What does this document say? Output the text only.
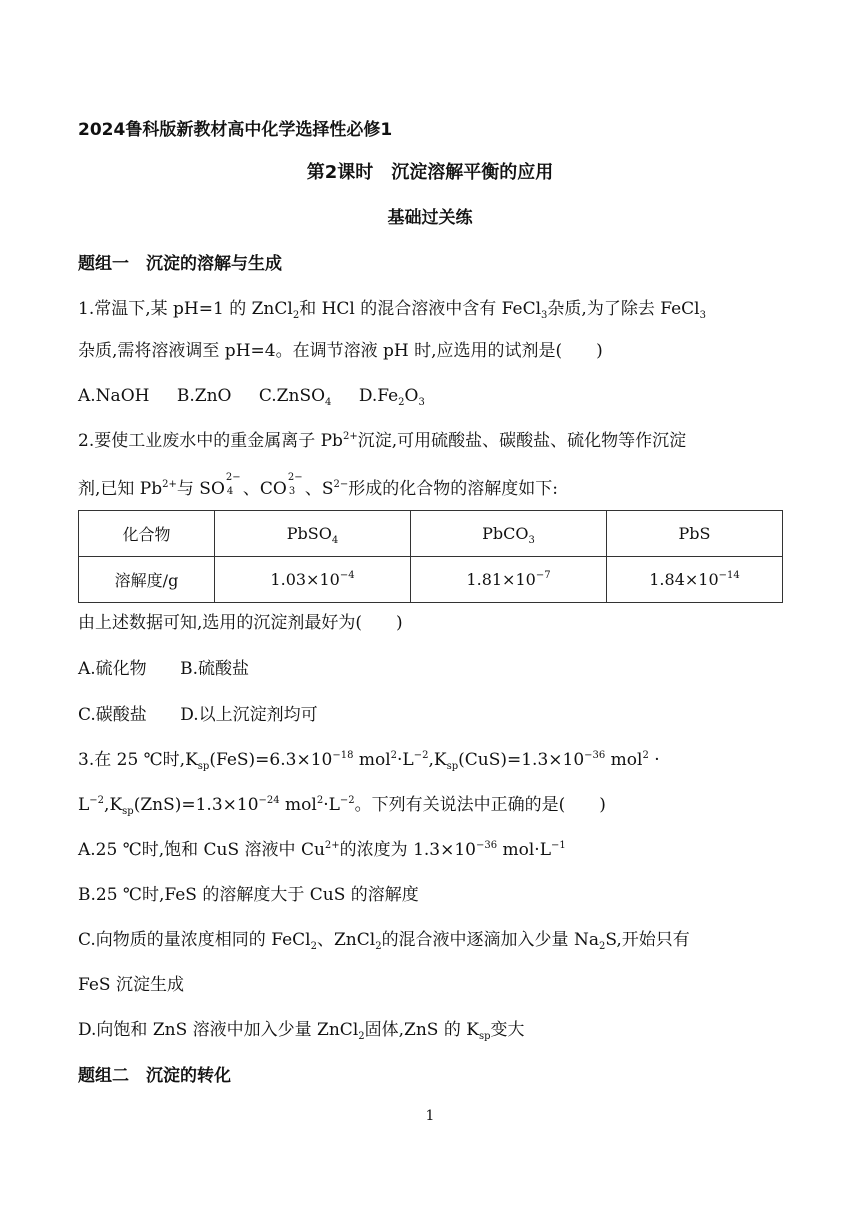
2024鲁科版新教材高中化学选择性必修1
第2课时　沉淀溶解平衡的应用
基础过关练
题组一　沉淀的溶解与生成
1.常温下,某 pH=1 的 ZnCl$_2$和 HCl 的混合溶液中含有 FeCl$_3$杂质,为了除去 FeCl$_3$
杂质,需将溶液调至 pH=4。在调节溶液 pH 时,应选用的试剂是(　　)
A.NaOH B.ZnO C.ZnSO$_4$ $D.Fe_2O_3$
2.要使工业废水中的重金属离子 $Pb^{2+}$沉淀,可用硫酸盐、碳酸盐、硫化物等作沉淀
剂,已知 $Pb^{2+}$与 SO
2−
4 、CO
2−
3 、$S^{2-}$形成的化合物的溶解度如下:
化合物	PbSO$_4$	PbCO$_3$	PbS
溶解度/g	$1.03\times 10^{-4}$	$1.81\times 10^{-7}$	$1.84\times 10^{-14}$
由上述数据可知,选用的沉淀剂最好为(　　)
A.硫化物 B.硫酸盐
C.碳酸盐 D.以上沉淀剂均可
3.在 25 ℃时$,K_{sp}(FeS)=6.3\times 10^{-18}$ $mol^2\cdot L^{-2},K_{sp}(CuS)=1.3\times 10^{-36}$ mol$^2$ ·
$L^{-2},K_{sp}(ZnS)=1.3\times 10^{-24}$ $mol^2\cdot L^{-2}$。下列有关说法中正确的是(　　)
A.25 ℃时,饱和 CuS 溶液中 $Cu^{2+}$的浓度为 $1.3\times 10^{-36}$ $mol\cdot L^{-1}$
B.25 ℃时,FeS 的溶解度大于 CuS 的溶解度
C.向物质的量浓度相同的 FeCl$_2$、ZnCl$_2$的混合液中逐滴加入少量 $Na_2S$,开始只有
FeS 沉淀生成
D.向饱和 ZnS 溶液中加入少量 ZnCl$_2$固体,ZnS 的 $K_{sp}$变大
题组二　沉淀的转化
1
